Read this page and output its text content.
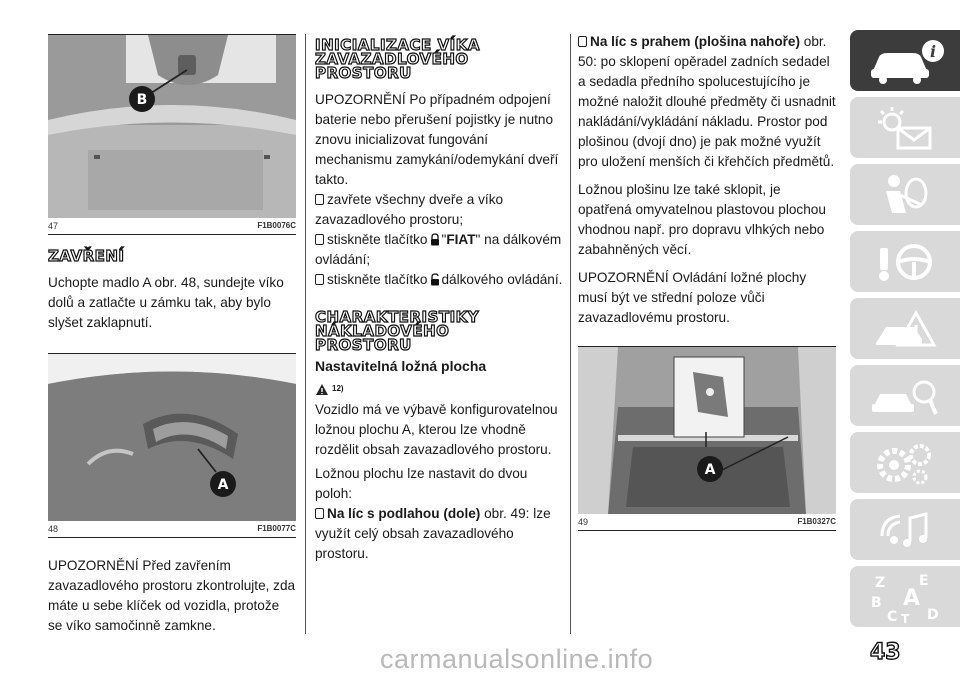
B
47	F1B0076C
ZAVŘENÍ

Uchopte madlo A obr. 48, sundejte víko dolů a zatlačte u zámku tak, aby bylo slyšet zaklapnutí.

A
48	F1B0077C

UPOZORNĚNÍ Před zavřením zavazadlového prostoru zkontrolujte, zda máte u sebe klíček od vozidla, protože se víko samočinně zamkne.

INICIALIZACE VÍKA
ZAVAZADLOVÉHO
PROSTORU

UPOZORNĚNÍ Po případném odpojení baterie nebo přerušení pojistky je nutno znovu inicializovat fungování mechanismu zamykání/odemykání dveří takto.

zavřete všechny dveře a víko zavazadlového prostoru;
stiskněte tlačítko "FIAT" na dálkovém ovládání;
stiskněte tlačítko dálkového ovládání.
CHARAKTERISTIKY
NÁKLADOVÉHO
PROSTORU
Nastavitelná ložná plocha
12)

Vozidlo má ve výbavě konfigurovatelnou ložnou plochu A, kterou lze vhodně rozdělit obsah zavazadlového prostoru.

Ložnou plochu lze nastavit do dvou poloh:

Na líc s podlahou (dole) obr. 49: lze využít celý obsah zavazadlového prostoru.
Na líc s prahem (plošina nahoře) obr. 50: po sklopení opěradel zadních sedadel a sedadla předního spolucestujícího je možné naložit dlouhé předměty či usnadnit nakládání/vykládání nákladu. Prostor pod plošinou (dvojí dno) je pak možné využít pro uložení menších či křehčích předmětů.

Ložnou plošinu lze také sklopit, je opatřená omyvatelnou plastovou plochou vhodnou např. pro dopravu vlhkých nebo zabahněných věcí.

UPOZORNĚNÍ Ovládání ložné plochy musí být ve střední poloze vůči zavazadlovému prostoru.

A
49	F1B0327C
i
Z E
B A
C T D
carmanualsonline.info	43
